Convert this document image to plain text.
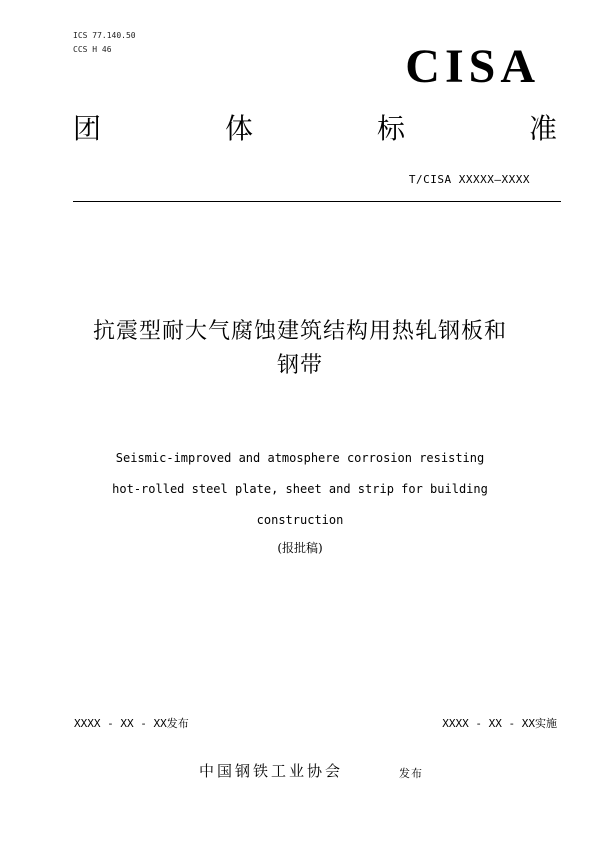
ICS 77.140.50
CCS H 46	CISA
团	体	标	准
T/CISA XXXXX—XXXX
抗震型耐大气腐蚀建筑结构用热轧钢板和
钢带
Seismic-improved and atmosphere corrosion resisting
hot-rolled steel plate, sheet and strip for building
construction
(报批稿)
XXXX - XX - XX发布	XXXX - XX - XX实施
中国钢铁工业协会	发布
